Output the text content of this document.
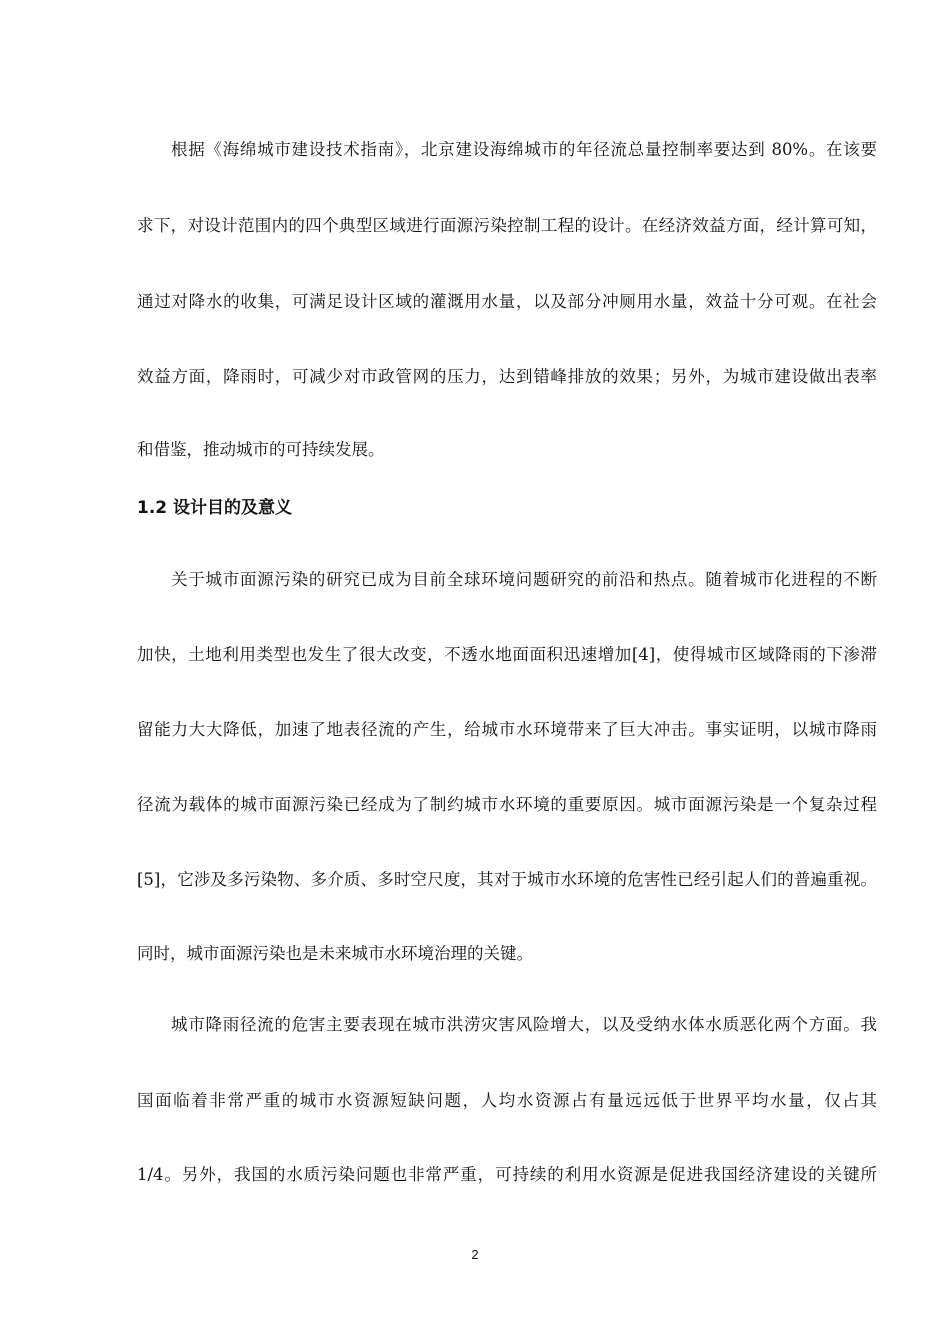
根据《海绵城市建设技术指南》，北京建设海绵城市的年径流总量控制率要达到 80%。在该要
求下，对设计范围内的四个典型区域进行面源污染控制工程的设计。在经济效益方面，经计算可知，
通过对降水的收集，可满足设计区域的灌溉用水量，以及部分冲厕用水量，效益十分可观。在社会
效益方面，降雨时，可减少对市政管网的压力，达到错峰排放的效果；另外，为城市建设做出表率
和借鉴，推动城市的可持续发展。
1.2 设计目的及意义
关于城市面源污染的研究已成为目前全球环境问题研究的前沿和热点。随着城市化进程的不断
加快，土地利用类型也发生了很大改变，不透水地面面积迅速增加[4]，使得城市区域降雨的下渗滞
留能力大大降低，加速了地表径流的产生，给城市水环境带来了巨大冲击。事实证明，以城市降雨
径流为载体的城市面源污染已经成为了制约城市水环境的重要原因。城市面源污染是一个复杂过程
[5]，它涉及多污染物、多介质、多时空尺度，其对于城市水环境的危害性已经引起人们的普遍重视。
同时，城市面源污染也是未来城市水环境治理的关键。
城市降雨径流的危害主要表现在城市洪涝灾害风险增大，以及受纳水体水质恶化两个方面。我
国面临着非常严重的城市水资源短缺问题，人均水资源占有量远远低于世界平均水量，仅占其
1/4。另外，我国的水质污染问题也非常严重，可持续的利用水资源是促进我国经济建设的关键所
2
